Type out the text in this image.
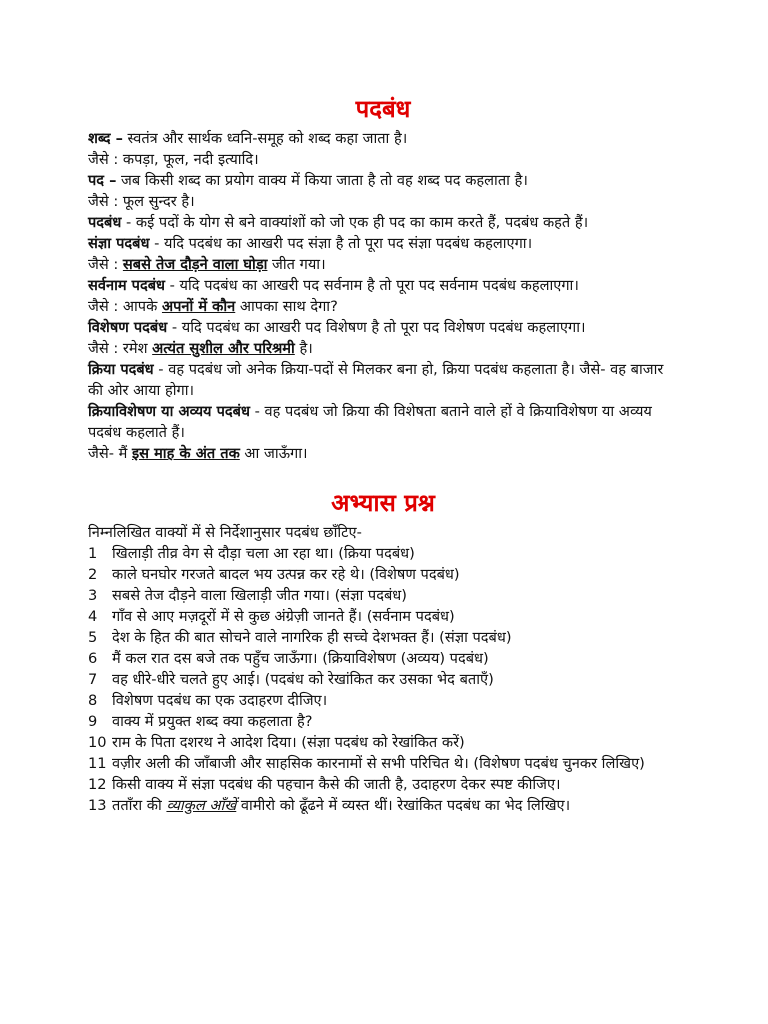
पदबंध
शब्द – स्वतंत्र और सार्थक ध्वनि-समूह को शब्द कहा जाता है।
जैसे : कपड़ा, फूल, नदी इत्यादि।
पद – जब किसी शब्द का प्रयोग वाक्य में किया जाता है तो वह शब्द पद कहलाता है।
जैसे : फूल सुन्दर है।
पदबंध - कई पदों के योग से बने वाक्यांशों को जो एक ही पद का काम करते हैं, पदबंध कहते हैं।
संज्ञा पदबंध - यदि पदबंध का आखरी पद संज्ञा है तो पूरा पद संज्ञा पदबंध कहलाएगा।
जैसे : सबसे तेज दौड़ने वाला घोड़ा जीत गया।
सर्वनाम पदबंध - यदि पदबंध का आखरी पद सर्वनाम है तो पूरा पद सर्वनाम पदबंध कहलाएगा।
जैसे : आपके अपनों में कौन आपका साथ देगा?
विशेषण पदबंध - यदि पदबंध का आखरी पद विशेषण है तो पूरा पद विशेषण पदबंध कहलाएगा।
जैसे : रमेश अत्यंत सुशील और परिश्रमी है।
क्रिया पदबंध - वह पदबंध जो अनेक क्रिया-पदों से मिलकर बना हो, क्रिया पदबंध कहलाता है। जैसे- वह बाजार की ओर आया होगा।
क्रियाविशेषण या अव्यय पदबंध - वह पदबंध जो क्रिया की विशेषता बताने वाले हों वे क्रियाविशेषण या अव्यय पदबंध कहलाते हैं।
जैसे- मैं इस माह के अंत तक आ जाऊँगा।
अभ्यास प्रश्न
निम्नलिखित वाक्यों में से निर्देशानुसार पदबंध छाँटिए-
1 खिलाड़ी तीव्र वेग से दौड़ा चला आ रहा था। (क्रिया पदबंध)
2 काले घनघोर गरजते बादल भय उत्पन्न कर रहे थे। (विशेषण पदबंध)
3 सबसे तेज दौड़ने वाला खिलाड़ी जीत गया। (संज्ञा पदबंध)
4 गाँव से आए मज़दूरों में से कुछ अंग्रेज़ी जानते हैं। (सर्वनाम पदबंध)
5 देश के हित की बात सोचने वाले नागरिक ही सच्चे देशभक्त हैं। (संज्ञा पदबंध)
6 मैं कल रात दस बजे तक पहुँच जाऊँगा। (क्रियाविशेषण (अव्यय) पदबंध)
7 वह धीरे-धीरे चलते हुए आई। (पदबंध को रेखांकित कर उसका भेद बताएँ)
8 विशेषण पदबंध का एक उदाहरण दीजिए।
9 वाक्य में प्रयुक्त शब्द क्या कहलाता है?
10 राम के पिता दशरथ ने आदेश दिया। (संज्ञा पदबंध को रेखांकित करें)
11 वज़ीर अली की जाँबाजी और साहसिक कारनामों से सभी परिचित थे। (विशेषण पदबंध चुनकर लिखिए)
12 किसी वाक्य में संज्ञा पदबंध की पहचान कैसे की जाती है, उदाहरण देकर स्पष्ट कीजिए।
13 तताँरा की व्याकुल आँखें वामीरो को ढूँढने में व्यस्त थीं। रेखांकित पदबंध का भेद लिखिए।
